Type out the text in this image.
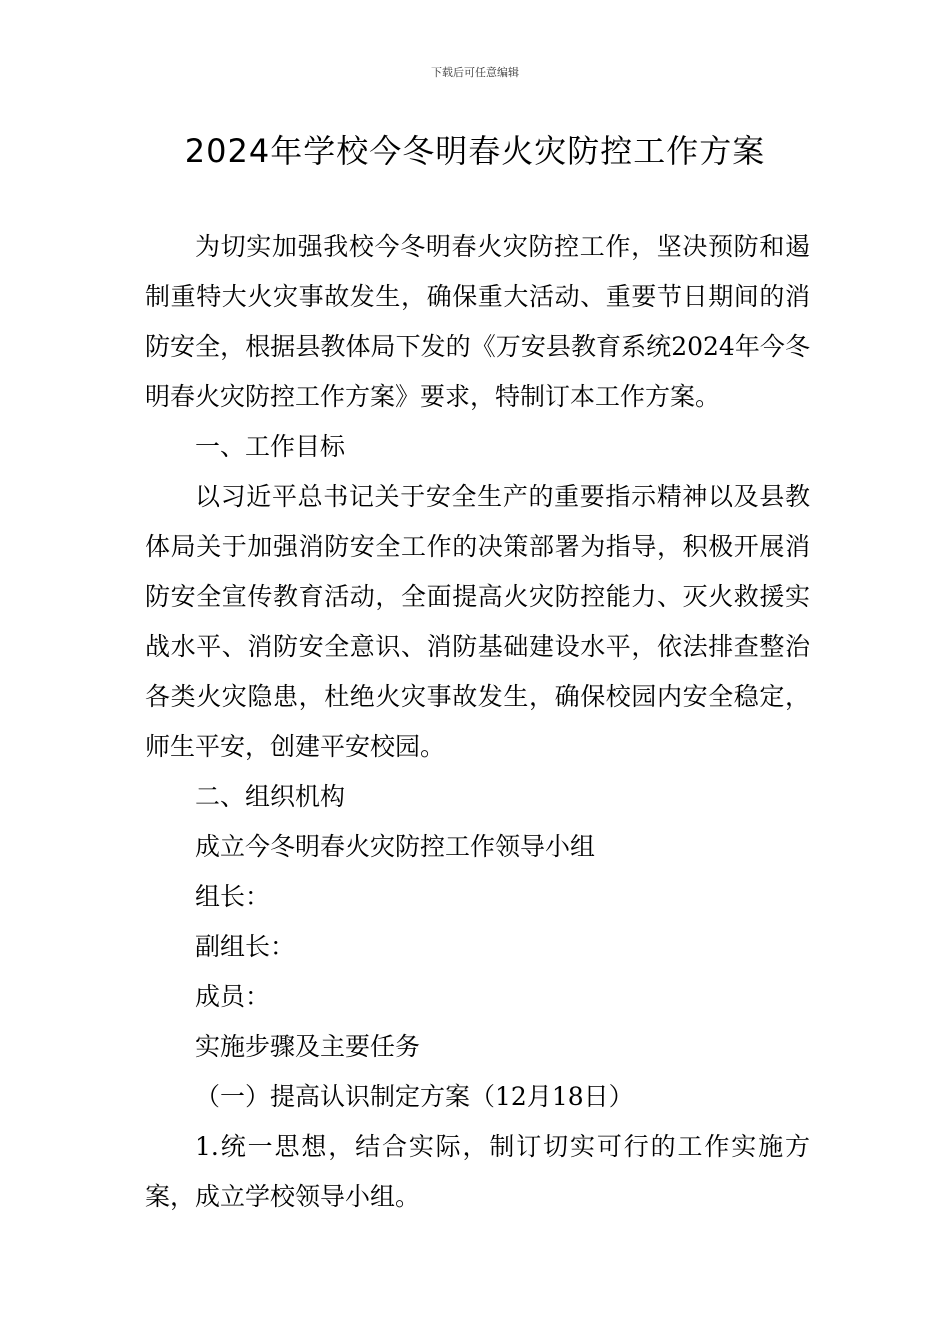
下载后可任意编辑
2024年学校今冬明春火灾防控工作方案

为切实加强我校今冬明春火灾防控工作，坚决预防和遏制重特大火灾事故发生，确保重大活动、重要节日期间的消防安全，根据县教体局下发的《万安县教育系统2024年今冬明春火灾防控工作方案》要求，特制订本工作方案。

一、工作目标

以习近平总书记关于安全生产的重要指示精神以及县教体局关于加强消防安全工作的决策部署为指导，积极开展消防安全宣传教育活动，全面提高火灾防控能力、灭火救援实战水平、消防安全意识、消防基础建设水平，依法排查整治各类火灾隐患，杜绝火灾事故发生，确保校园内安全稳定，师生平安，创建平安校园。

二、组织机构

成立今冬明春火灾防控工作领导小组

组长：

副组长：

成员：

实施步骤及主要任务

（一）提高认识制定方案（12月18日）

1.统一思想，结合实际，制订切实可行的工作实施方案，成立学校领导小组。
